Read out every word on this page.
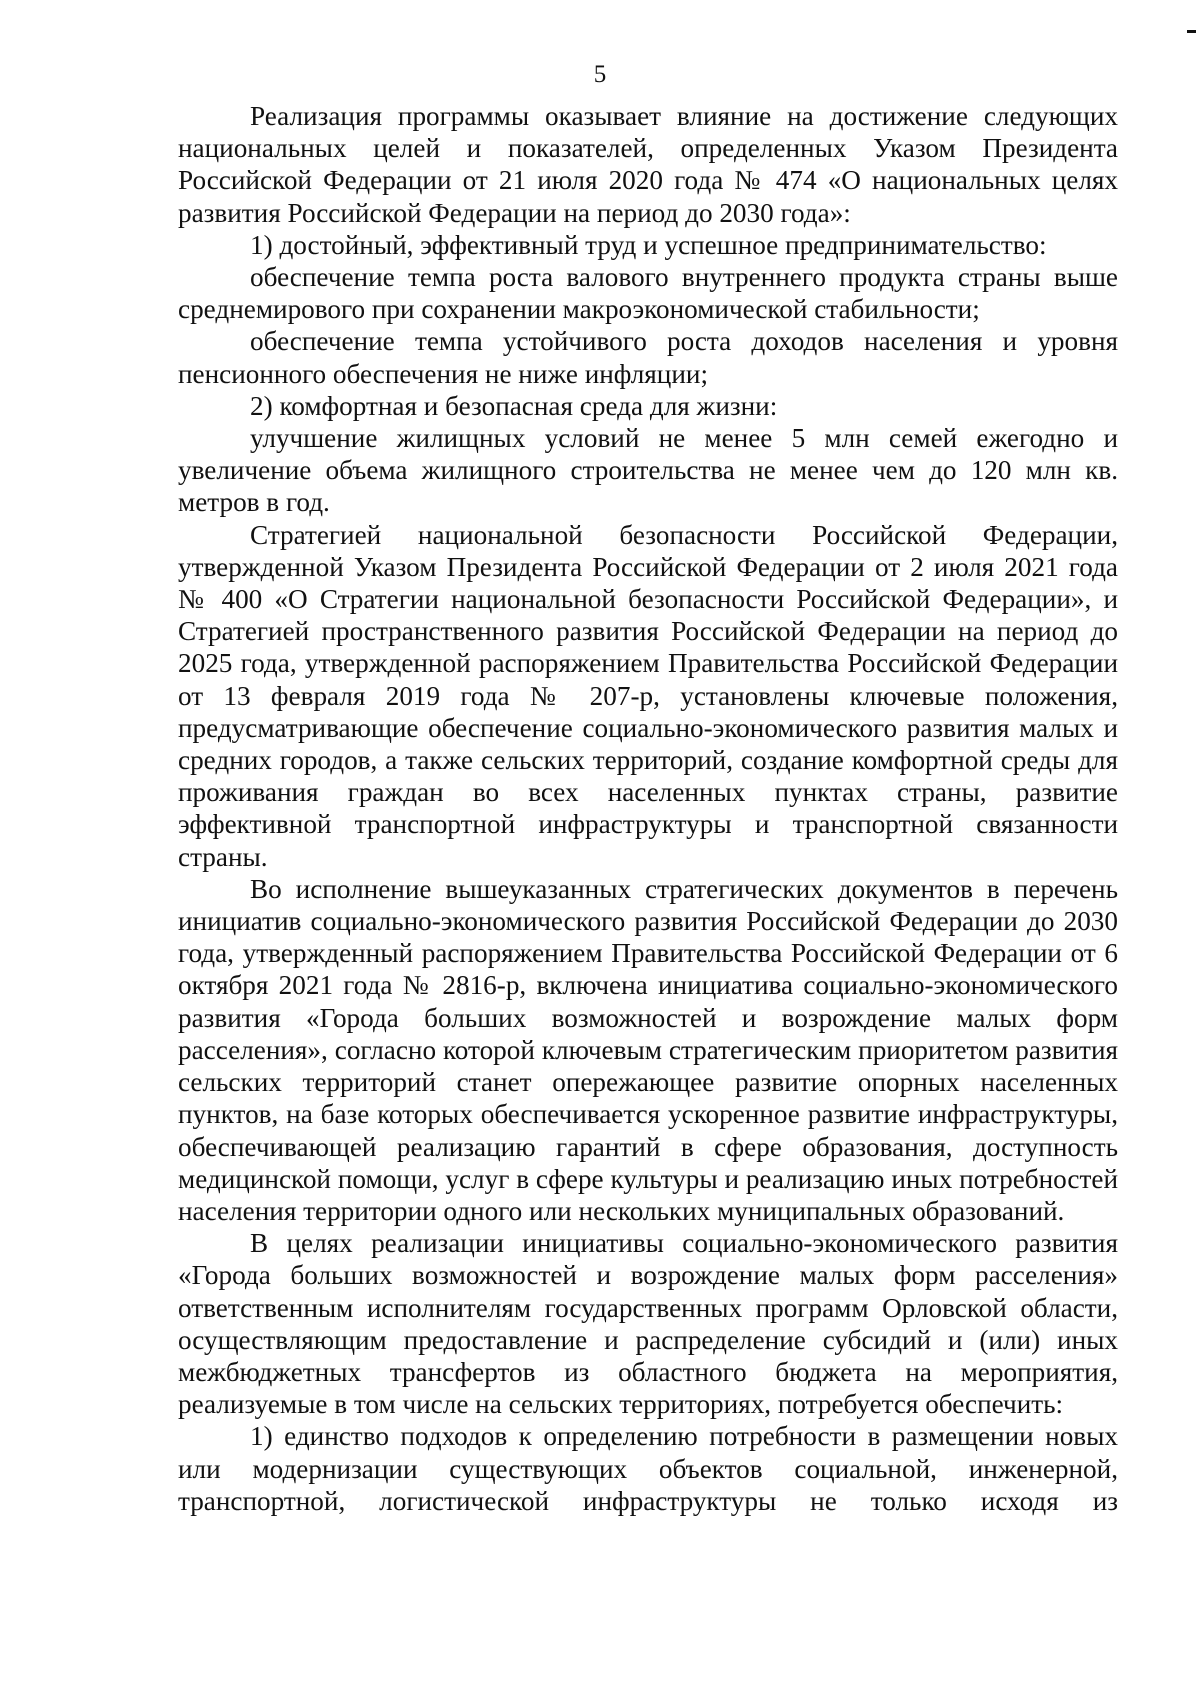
5

Реализация программы оказывает влияние на достижение следующих национальных целей и показателей, определенных Указом Президента Российской Федерации от 21 июля 2020 года № 474 «О национальных целях развития Российской Федерации на период до 2030 года»:

1) достойный, эффективный труд и успешное предпринимательство:

обеспечение темпа роста валового внутреннего продукта страны выше среднемирового при сохранении макроэкономической стабильности;

обеспечение темпа устойчивого роста доходов населения и уровня пенсионного обеспечения не ниже инфляции;

2) комфортная и безопасная среда для жизни:

улучшение жилищных условий не менее 5 млн семей ежегодно и увеличение объема жилищного строительства не менее чем до 120 млн кв. метров в год.

Стратегией национальной безопасности Российской Федерации, утвержденной Указом Президента Российской Федерации от 2 июля 2021 года № 400 «О Стратегии национальной безопасности Российской Федерации», и Стратегией пространственного развития Российской Федерации на период до 2025 года, утвержденной распоряжением Правительства Российской Федерации от 13 февраля 2019 года № 207-р, установлены ключевые положения, предусматривающие обеспечение социально-экономического развития малых и средних городов, а также сельских территорий, создание комфортной среды для проживания граждан во всех населенных пунктах страны, развитие эффективной транспортной инфраструктуры и транспортной связанности страны.

Во исполнение вышеуказанных стратегических документов в перечень инициатив социально-экономического развития Российской Федерации до 2030 года, утвержденный распоряжением Правительства Российской Федерации от 6 октября 2021 года № 2816-р, включена инициатива социально-экономического развития «Города больших возможностей и возрождение малых форм расселения», согласно которой ключевым стратегическим приоритетом развития сельских территорий станет опережающее развитие опорных населенных пунктов, на базе которых обеспечивается ускоренное развитие инфраструктуры, обеспечивающей реализацию гарантий в сфере образования, доступность медицинской помощи, услуг в сфере культуры и реализацию иных потребностей населения территории одного или нескольких муниципальных образований.

В целях реализации инициативы социально-экономического развития «Города больших возможностей и возрождение малых форм расселения» ответственным исполнителям государственных программ Орловской области, осуществляющим предоставление и распределение субсидий и (или) иных межбюджетных трансфертов из областного бюджета на мероприятия, реализуемые в том числе на сельских территориях, потребуется обеспечить:

1) единство подходов к определению потребности в размещении новых или модернизации существующих объектов социальной, инженерной, транспортной, логистической инфраструктуры не только исходя из
